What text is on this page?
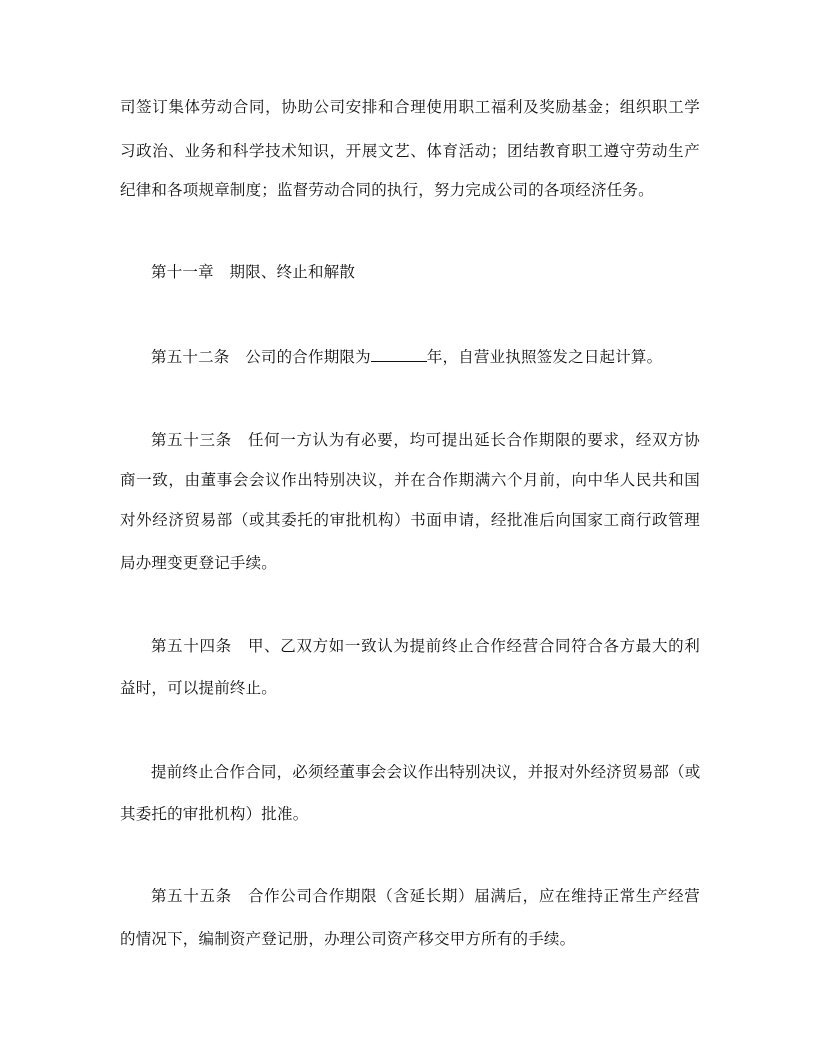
司签订集体劳动合同，协助公司安排和合理使用职工福利及奖励基金；组织职工学
习政治、业务和科学技术知识，开展文艺、体育活动；团结教育职工遵守劳动生产
纪律和各项规章制度；监督劳动合同的执行，努力完成公司的各项经济任务。
第十一章　期限、终止和解散
第五十二条　公司的合作期限为	年，自营业执照签发之日起计算。
第五十三条　任何一方认为有必要，均可提出延长合作期限的要求，经双方协
商一致，由董事会会议作出特别决议，并在合作期满六个月前，向中华人民共和国
对外经济贸易部（或其委托的审批机构）书面申请，经批准后向国家工商行政管理
局办理变更登记手续。
第五十四条　甲、乙双方如一致认为提前终止合作经营合同符合各方最大的利
益时，可以提前终止。
提前终止合作合同，必须经董事会会议作出特别决议，并报对外经济贸易部（或
其委托的审批机构）批准。
第五十五条　合作公司合作期限（含延长期）届满后，应在维持正常生产经营
的情况下，编制资产登记册，办理公司资产移交甲方所有的手续。
